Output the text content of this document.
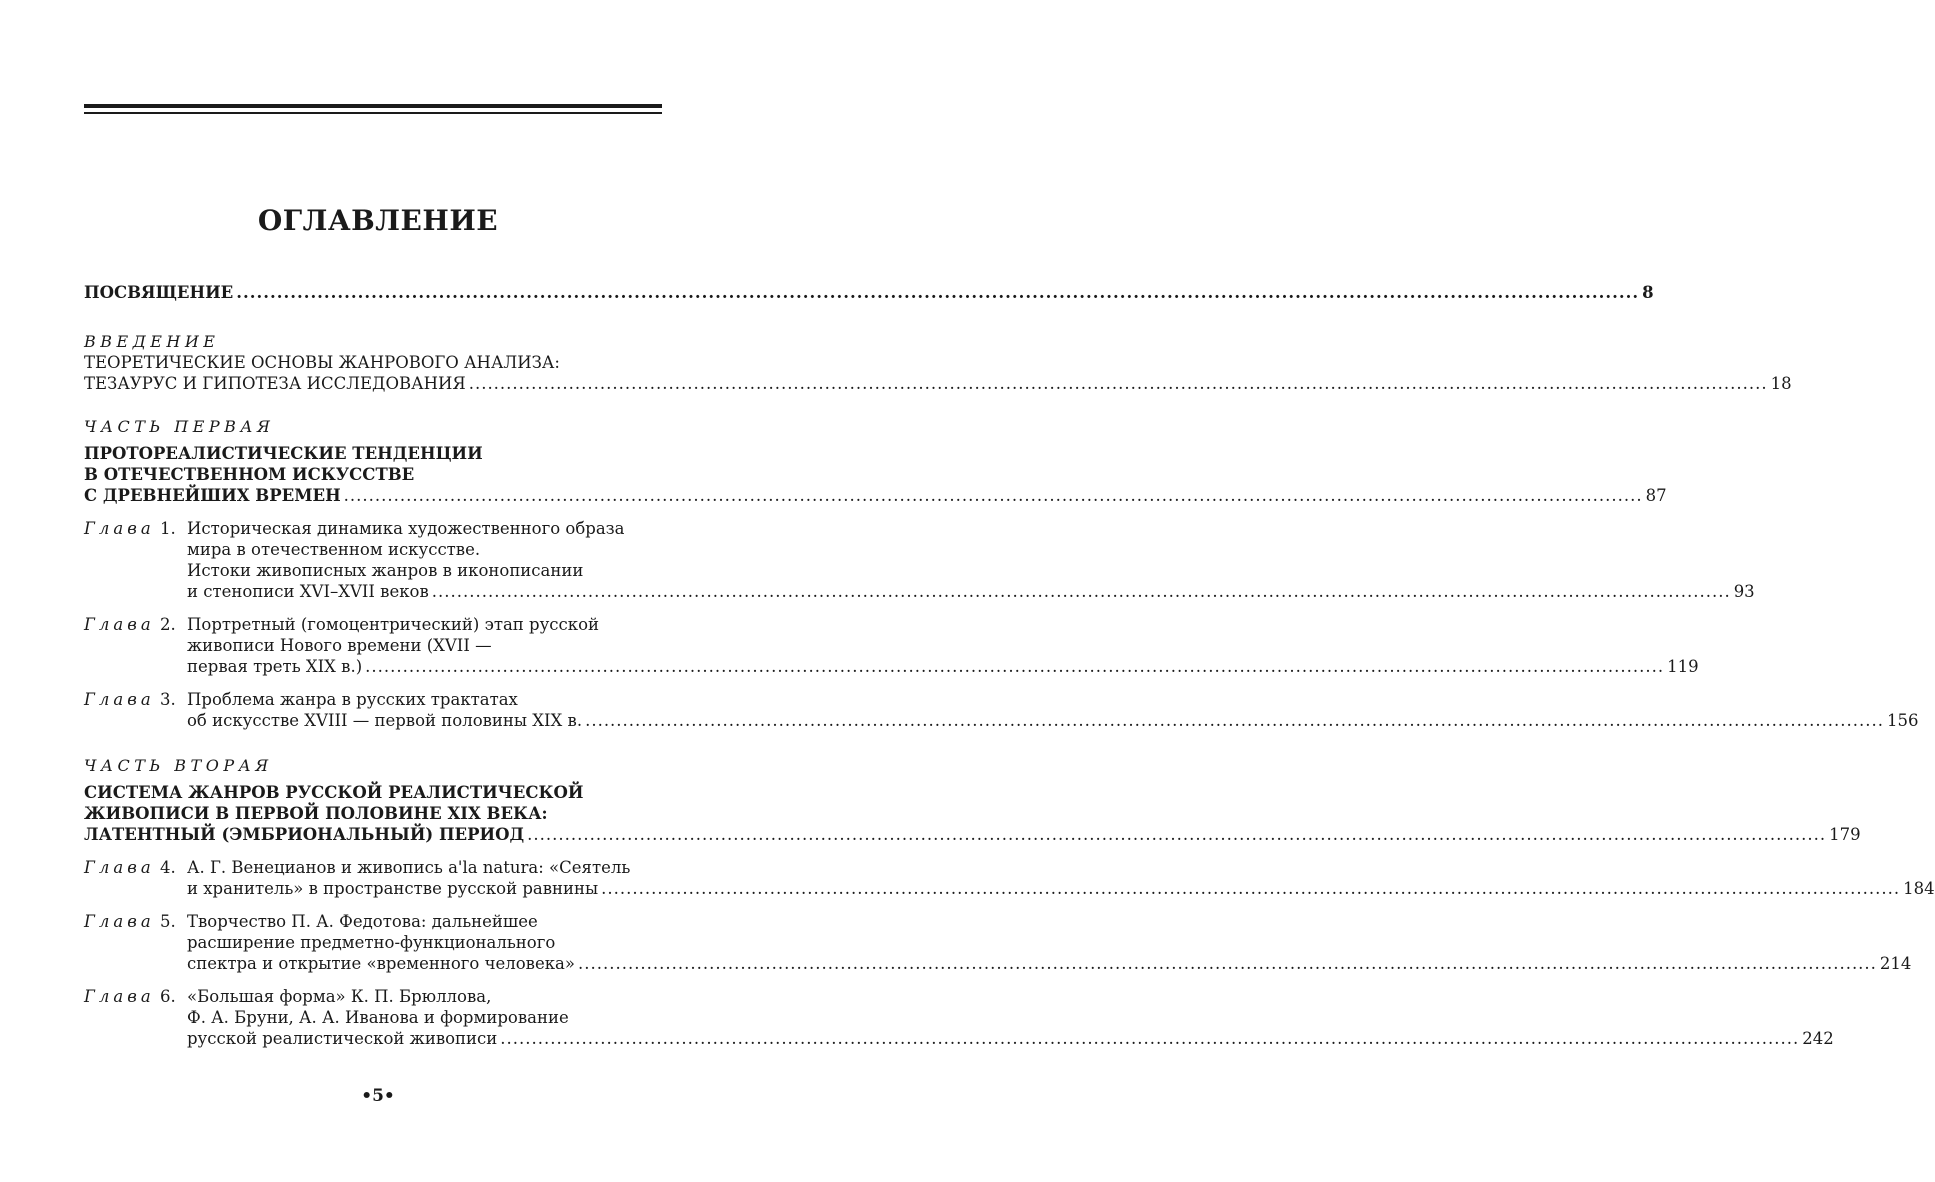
ОГЛАВЛЕНИЕ
ПОСВЯЩЕНИЕ .....	8
ВВЕДЕНИЕ
ТЕОРЕТИЧЕСКИЕ ОСНОВЫ ЖАНРОВОГО АНАЛИЗА:
ТЕЗАУРУС И ГИПОТЕЗА ИССЛЕДОВАНИЯ .....	18
ЧАСТЬ ПЕРВАЯ
ПРОТОРЕАЛИСТИЧЕСКИЕ ТЕНДЕНЦИИ
В ОТЕЧЕСТВЕННОМ ИСКУССТВЕ
С ДРЕВНЕЙШИХ ВРЕМЕН .....	87
Глава 1. Историческая динамика художественного образа
мира в отечественном искусстве.
Истоки живописных жанров в иконописании
и стенописи XVI–XVII веков .....	93
Глава 2. Портретный (гомоцентрический) этап русской
живописи Нового времени (XVII —
первая треть XIX в.) .....	119
Глава 3. Проблема жанра в русских трактатах
об искусстве XVIII — первой половины XIX в. .....	156
ЧАСТЬ ВТОРАЯ
СИСТЕМА ЖАНРОВ РУССКОЙ РЕАЛИСТИЧЕСКОЙ
ЖИВОПИСИ В ПЕРВОЙ ПОЛОВИНЕ XIX ВЕКА:
ЛАТЕНТНЫЙ (ЭМБРИОНАЛЬНЫЙ) ПЕРИОД .....	179
Глава 4. А. Г. Венецианов и живопись a'la natura: «Сеятель
и хранитель» в пространстве русской равнины .....	184
Глава 5. Творчество П. А. Федотова: дальнейшее
расширение предметно-функционального
спектра и открытие «временного человека» .....	214
Глава 6. «Большая форма» К. П. Брюллова,
Ф. А. Бруни, А. А. Иванова и формирование
русской реалистической живописи .....	242
•5•
